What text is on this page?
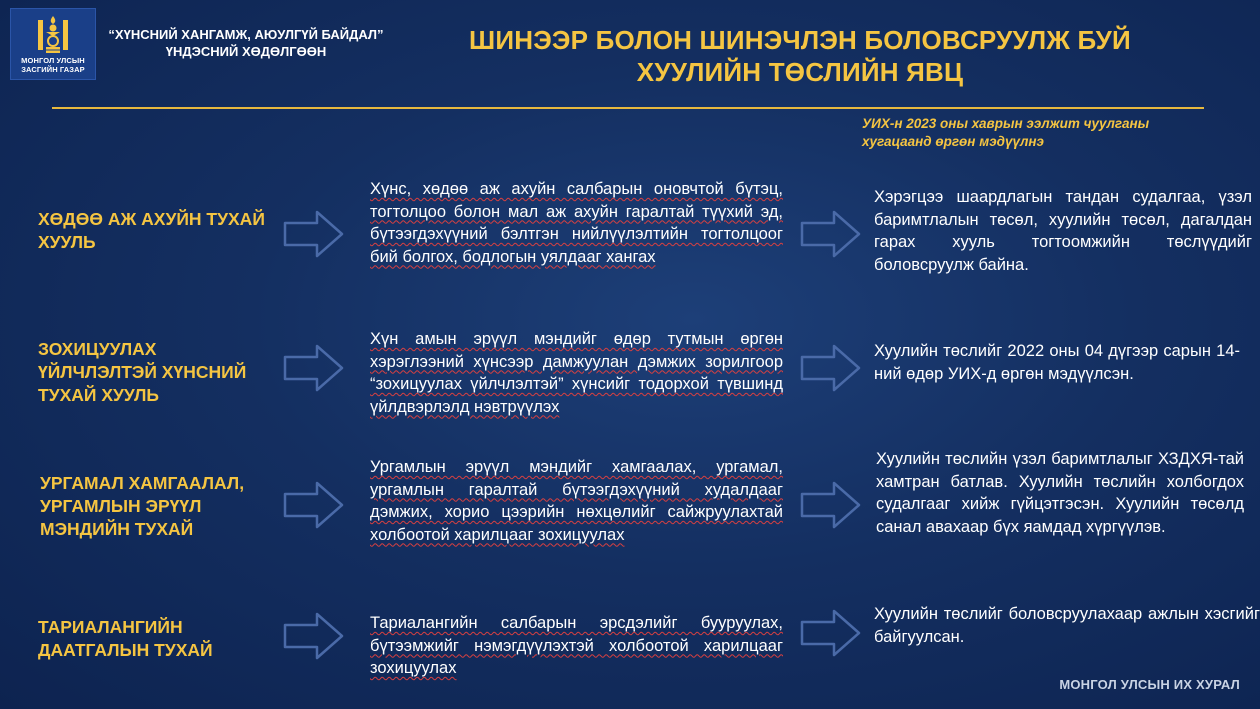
МОНГОЛ УЛСЫН
ЗАСГИЙН ГАЗАР
“ХҮНСНИЙ ХАНГАМЖ, АЮУЛГҮЙ БАЙДАЛ”
ҮНДЭСНИЙ ХӨДӨЛГӨӨН	ШИНЭЭР БОЛОН ШИНЭЧЛЭН БОЛОВСРУУЛЖ БУЙ
ХУУЛИЙН ТӨСЛИЙН ЯВЦ
УИХ-н 2023 оны хаврын ээлжит чуулганы
хугацаанд өргөн мэдүүлнэ
ХӨДӨӨ АЖ АХУЙН ТУХАЙ
ХУУЛЬ
Хүнс, хөдөө аж ахуйн салбарын оновчтой бүтэц, тогтолцоо болон мал аж ахуйн гаралтай түүхий эд, бүтээгдэхүүний бэлтгэн нийлүүлэлтийн тогтолцоог бий болгох, бодлогын уялдааг хангах
Хэрэгцээ шаардлагын тандан судалгаа, үзэл баримтлалын төсөл, хуулийн төсөл, дагалдан гарах хууль тогтоомжийн төслүүдийг боловсруулж байна.
ЗОХИЦУУЛАХ
ҮЙЛЧЛЭЛТЭЙ ХҮНСНИЙ
ТУХАЙ ХУУЛЬ
Хүн амын эрүүл мэндийг өдөр тутмын өргөн хэрэглээний хүнсээр дамжуулан дэмжих зорилгоор “зохицуулах үйлчлэлтэй” хүнсийг тодорхой түвшинд үйлдвэрлэлд нэвтрүүлэх
Хуулийн төслийг 2022 оны 04 дүгээр сарын 14-ний өдөр УИХ-д өргөн мэдүүлсэн.
УРГАМАЛ ХАМГААЛАЛ,
УРГАМЛЫН ЭРҮҮЛ
МЭНДИЙН ТУХАЙ
Ургамлын эрүүл мэндийг хамгаалах, ургамал, ургамлын гаралтай бүтээгдэхүүний худалдааг дэмжих, хорио цээрийн нөхцөлийг сайжруулахтай холбоотой харилцааг зохицуулах
Хуулийн төслийн үзэл баримтлалыг ХЗДХЯ-тай хамтран батлав. Хуулийн төслийн холбогдох судалгааг хийж гүйцэтгэсэн. Хуулийн төсөлд санал авахаар бүх яамдад хүргүүлэв.
ТАРИАЛАНГИЙН
ДААТГАЛЫН ТУХАЙ
Тариалангийн салбарын эрсдэлийг бууруулах, бүтээмжийг нэмэгдүүлэхтэй холбоотой харилцааг зохицуулах
Хуулийн төслийг боловсруулахаар ажлын хэсгийг байгуулсан.
МОНГОЛ УЛСЫН ИХ ХУРАЛ
